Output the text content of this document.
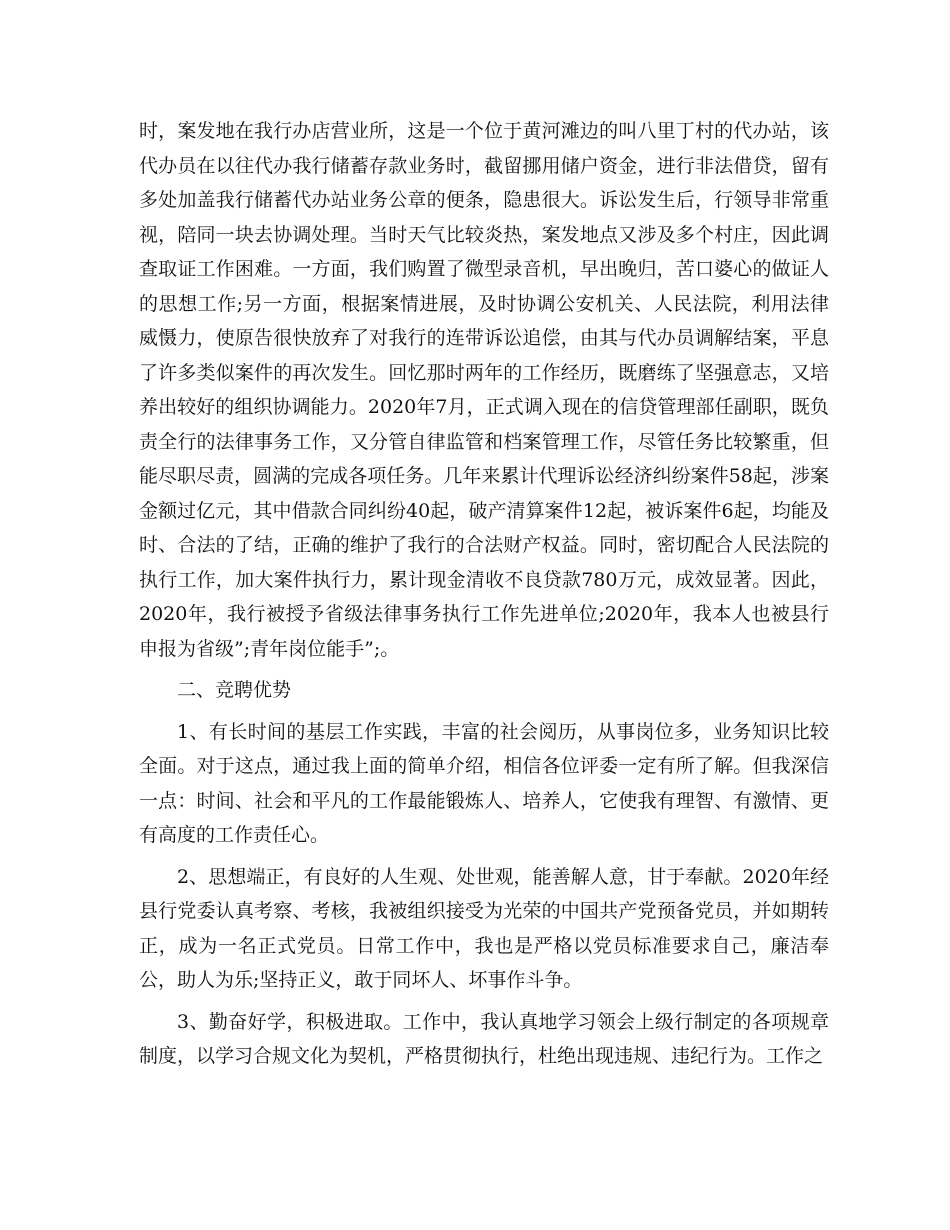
时，案发地在我行办店营业所，这是一个位于黄河滩边的叫八里丁村的代办站，该代办员在以往代办我行储蓄存款业务时，截留挪用储户资金，进行非法借贷，留有多处加盖我行储蓄代办站业务公章的便条，隐患很大。诉讼发生后，行领导非常重视，陪同一块去协调处理。当时天气比较炎热，案发地点又涉及多个村庄，因此调查取证工作困难。一方面，我们购置了微型录音机，早出晚归，苦口婆心的做证人的思想工作;另一方面，根据案情进展，及时协调公安机关、人民法院，利用法律威慑力，使原告很快放弃了对我行的连带诉讼追偿，由其与代办员调解结案，平息了许多类似案件的再次发生。回忆那时两年的工作经历，既磨练了坚强意志，又培养出较好的组织协调能力。2020年7月，正式调入现在的信贷管理部任副职，既负责全行的法律事务工作，又分管自律监管和档案管理工作，尽管任务比较繁重，但能尽职尽责，圆满的完成各项任务。几年来累计代理诉讼经济纠纷案件58起，涉案金额过亿元，其中借款合同纠纷40起，破产清算案件12起，被诉案件6起，均能及时、合法的了结，正确的维护了我行的合法财产权益。同时，密切配合人民法院的执行工作，加大案件执行力，累计现金清收不良贷款780万元，成效显著。因此，2020年，我行被授予省级法律事务执行工作先进单位;2020年，我本人也被县行申报为省级”;青年岗位能手”;。

二、竞聘优势

1、有长时间的基层工作实践，丰富的社会阅历，从事岗位多，业务知识比较全面。对于这点，通过我上面的简单介绍，相信各位评委一定有所了解。但我深信一点：时间、社会和平凡的工作最能锻炼人、培养人，它使我有理智、有激情、更有高度的工作责任心。

2、思想端正，有良好的人生观、处世观，能善解人意，甘于奉献。2020年经县行党委认真考察、考核，我被组织接受为光荣的中国共产党预备党员，并如期转正，成为一名正式党员。日常工作中，我也是严格以党员标准要求自己，廉洁奉公，助人为乐;坚持正义，敢于同坏人、坏事作斗争。

3、勤奋好学，积极进取。工作中，我认真地学习领会上级行制定的各项规章制度，以学习合规文化为契机，严格贯彻执行，杜绝出现违规、违纪行为。工作之
